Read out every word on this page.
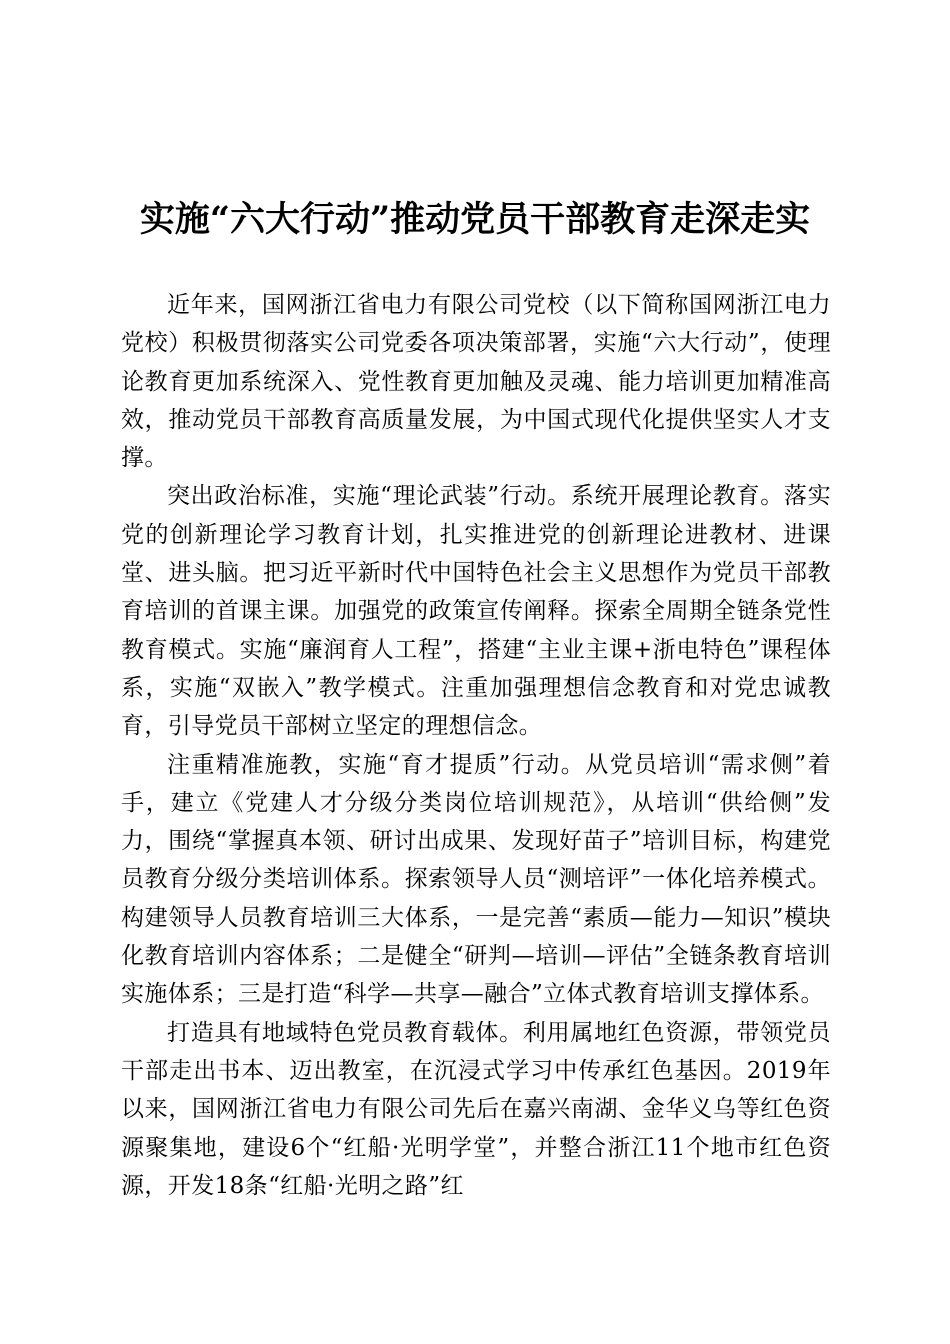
实施“六大行动”推动党员干部教育走深走实

近年来，国网浙江省电力有限公司党校（以下简称国网浙江电力党校）积极贯彻落实公司党委各项决策部署，实施“六大行动”，使理论教育更加系统深入、党性教育更加触及灵魂、能力培训更加精准高效，推动党员干部教育高质量发展，为中国式现代化提供坚实人才支撑。

突出政治标准，实施“理论武装”行动。系统开展理论教育。落实党的创新理论学习教育计划，扎实推进党的创新理论进教材、进课堂、进头脑。把习近平新时代中国特色社会主义思想作为党员干部教育培训的首课主课。加强党的政策宣传阐释。探索全周期全链条党性教育模式。实施“廉润育人工程”，搭建“主业主课+浙电特色”课程体系，实施“双嵌入”教学模式。注重加强理想信念教育和对党忠诚教育，引导党员干部树立坚定的理想信念。

注重精准施教，实施“育才提质”行动。从党员培训“需求侧”着手，建立《党建人才分级分类岗位培训规范》，从培训“供给侧”发力，围绕“掌握真本领、研讨出成果、发现好苗子”培训目标，构建党员教育分级分类培训体系。探索领导人员“测培评”一体化培养模式。构建领导人员教育培训三大体系，一是完善“素质—能力—知识”模块化教育培训内容体系；二是健全“研判—培训—评估”全链条教育培训实施体系；三是打造“科学—共享—融合”立体式教育培训支撑体系。

打造具有地域特色党员教育载体。利用属地红色资源，带领党员干部走出书本、迈出教室，在沉浸式学习中传承红色基因。2019年以来，国网浙江省电力有限公司先后在嘉兴南湖、金华义乌等红色资源聚集地，建设6个“红船·光明学堂”，并整合浙江11个地市红色资源，开发18条“红船·光明之路”红
